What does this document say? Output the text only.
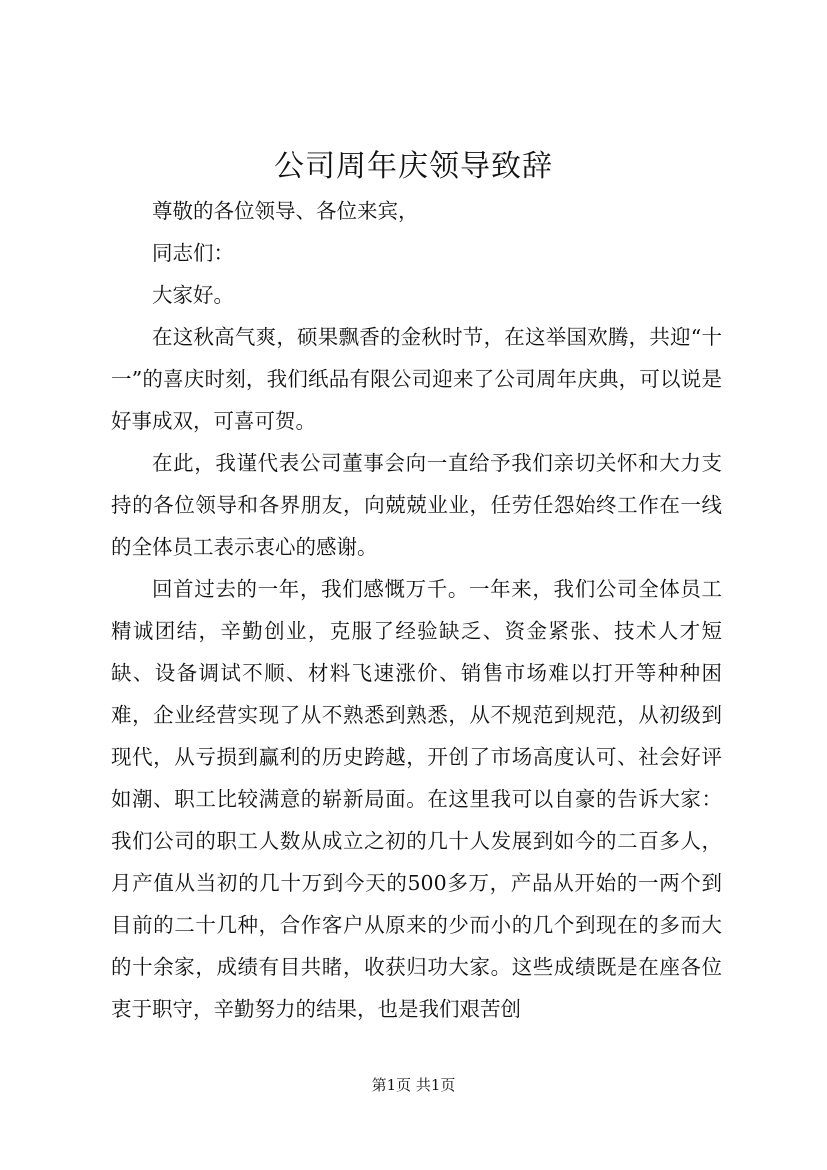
公司周年庆领导致辞

尊敬的各位领导、各位来宾，

同志们：

大家好。

在这秋高气爽，硕果飘香的金秋时节，在这举国欢腾，共迎“十一”的喜庆时刻，我们纸品有限公司迎来了公司周年庆典，可以说是好事成双，可喜可贺。

在此，我谨代表公司董事会向一直给予我们亲切关怀和大力支持的各位领导和各界朋友，向兢兢业业，任劳任怨始终工作在一线的全体员工表示衷心的感谢。

回首过去的一年，我们感慨万千。一年来，我们公司全体员工精诚团结，辛勤创业，克服了经验缺乏、资金紧张、技术人才短缺、设备调试不顺、材料飞速涨价、销售市场难以打开等种种困难，企业经营实现了从不熟悉到熟悉，从不规范到规范，从初级到现代，从亏损到赢利的历史跨越，开创了市场高度认可、社会好评如潮、职工比较满意的崭新局面。在这里我可以自豪的告诉大家：我们公司的职工人数从成立之初的几十人发展到如今的二百多人，月产值从当初的几十万到今天的500多万，产品从开始的一两个到目前的二十几种，合作客户从原来的少而小的几个到现在的多而大的十余家，成绩有目共睹，收获归功大家。这些成绩既是在座各位衷于职守，辛勤努力的结果，也是我们艰苦创

第1页 共1页
